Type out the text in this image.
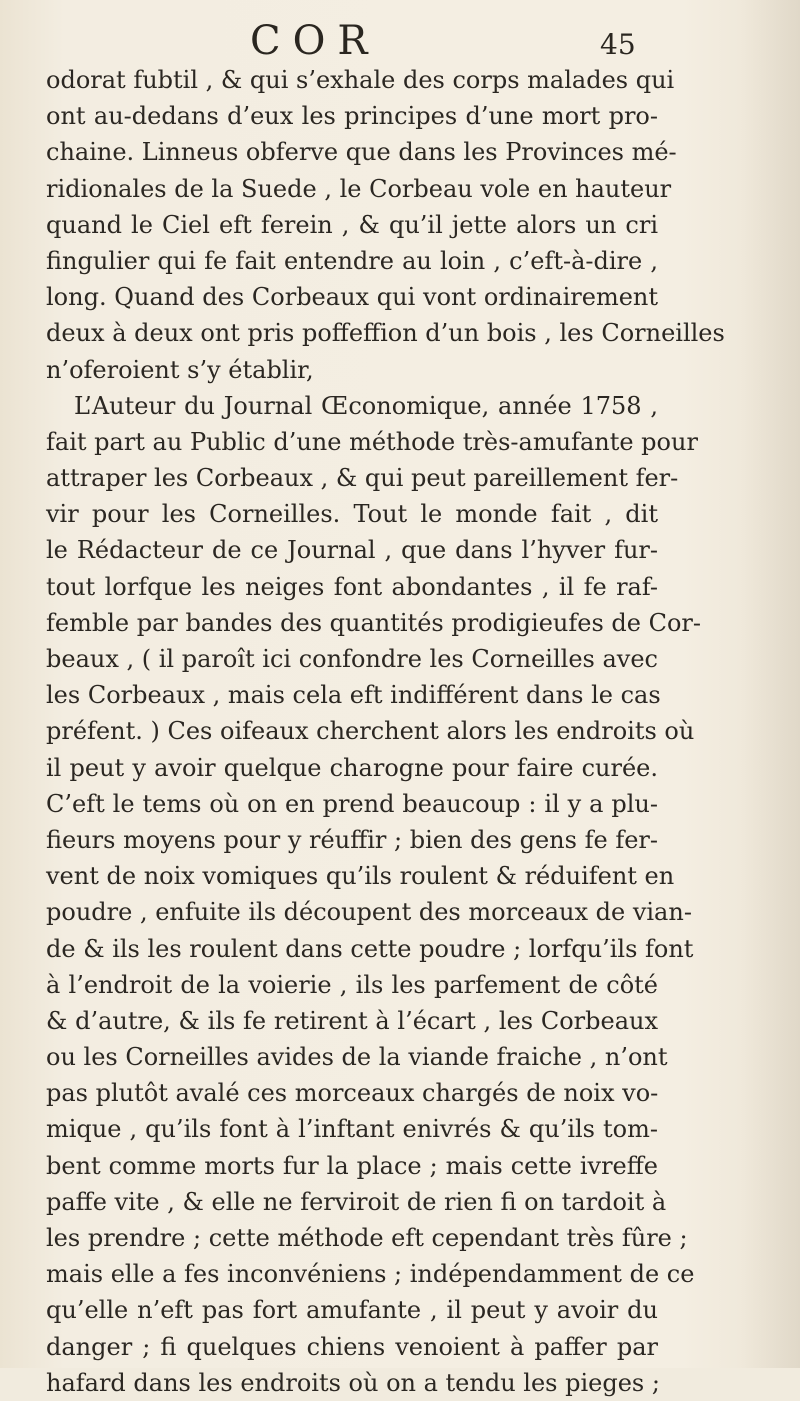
COR	45
odorat fubtil , & qui s’exhale des corps malades qui
ont au-dedans d’eux les principes d’une mort pro-
chaine. Linneus obferve que dans les Provinces mé-
ridionales de la Suede , le Corbeau vole en hauteur
quand le Ciel eft ferein , & qu’il jette alors un cri
fingulier qui fe fait entendre au loin , c’eft-à-dire ,
long. Quand des Corbeaux qui vont ordinairement
deux à deux ont pris poffeffion d’un bois , les Corneilles
n’oferoient s’y établir,
L’Auteur du Journal Œconomique, année 1758 ,
fait part au Public d’une méthode très-amufante pour
attraper les Corbeaux , & qui peut pareillement fer-
vir pour les Corneilles. Tout le monde fait , dit
le Rédacteur de ce Journal , que dans l’hyver fur-
tout lorfque les neiges font abondantes , il fe raf-
femble par bandes des quantités prodigieufes de Cor-
beaux , ( il paroît ici confondre les Corneilles avec
les Corbeaux , mais cela eft indifférent dans le cas
préfent. ) Ces oifeaux cherchent alors les endroits où
il peut y avoir quelque charogne pour faire curée.
C’eft le tems où on en prend beaucoup : il y a plu-
fieurs moyens pour y réuffir ; bien des gens fe fer-
vent de noix vomiques qu’ils roulent & réduifent en
poudre , enfuite ils découpent des morceaux de vian-
de & ils les roulent dans cette poudre ; lorfqu’ils font
à l’endroit de la voierie , ils les parfement de côté
& d’autre, & ils fe retirent à l’écart , les Corbeaux
ou les Corneilles avides de la viande fraiche , n’ont
pas plutôt avalé ces morceaux chargés de noix vo-
mique , qu’ils font à l’inftant enivrés & qu’ils tom-
bent comme morts fur la place ; mais cette ivreffe
paffe vite , & elle ne ferviroit de rien fi on tardoit à
les prendre ; cette méthode eft cependant très fûre ;
mais elle a fes inconvéniens ; indépendamment de ce
qu’elle n’eft pas fort amufante , il peut y avoir du
danger ; fi quelques chiens venoient à paffer par
hafard dans les endroits où on a tendu les pieges ;
